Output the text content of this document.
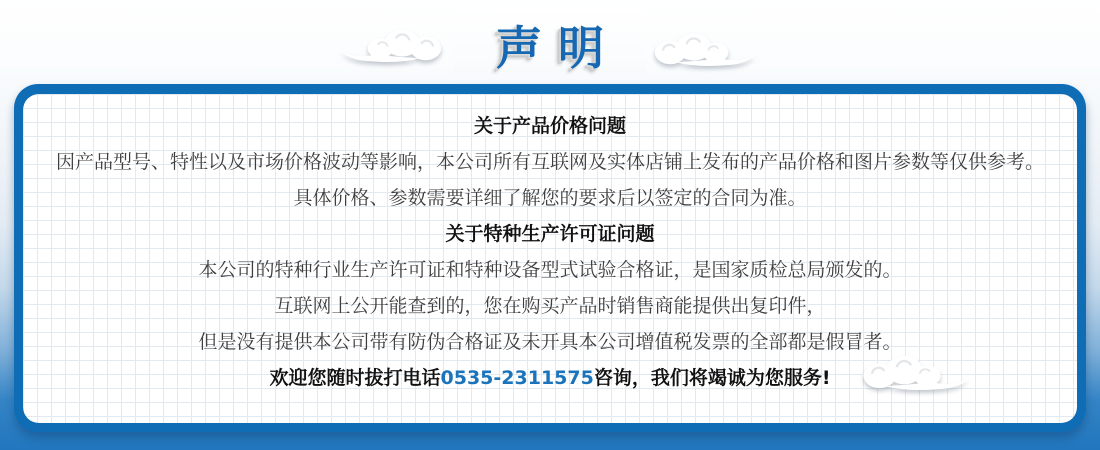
声明

关于产品价格问题

因产品型号、特性以及市场价格波动等影响，本公司所有互联网及实体店铺上发布的产品价格和图片参数等仅供参考。

具体价格、参数需要详细了解您的要求后以签定的合同为准。

关于特种生产许可证问题

本公司的特种行业生产许可证和特种设备型式试验合格证，是国家质检总局颁发的。

互联网上公开能查到的，您在购买产品时销售商能提供出复印件，

但是没有提供本公司带有防伪合格证及未开具本公司增值税发票的全部都是假冒者。

欢迎您随时拔打电话0535-2311575咨询，我们将竭诚为您服务!
